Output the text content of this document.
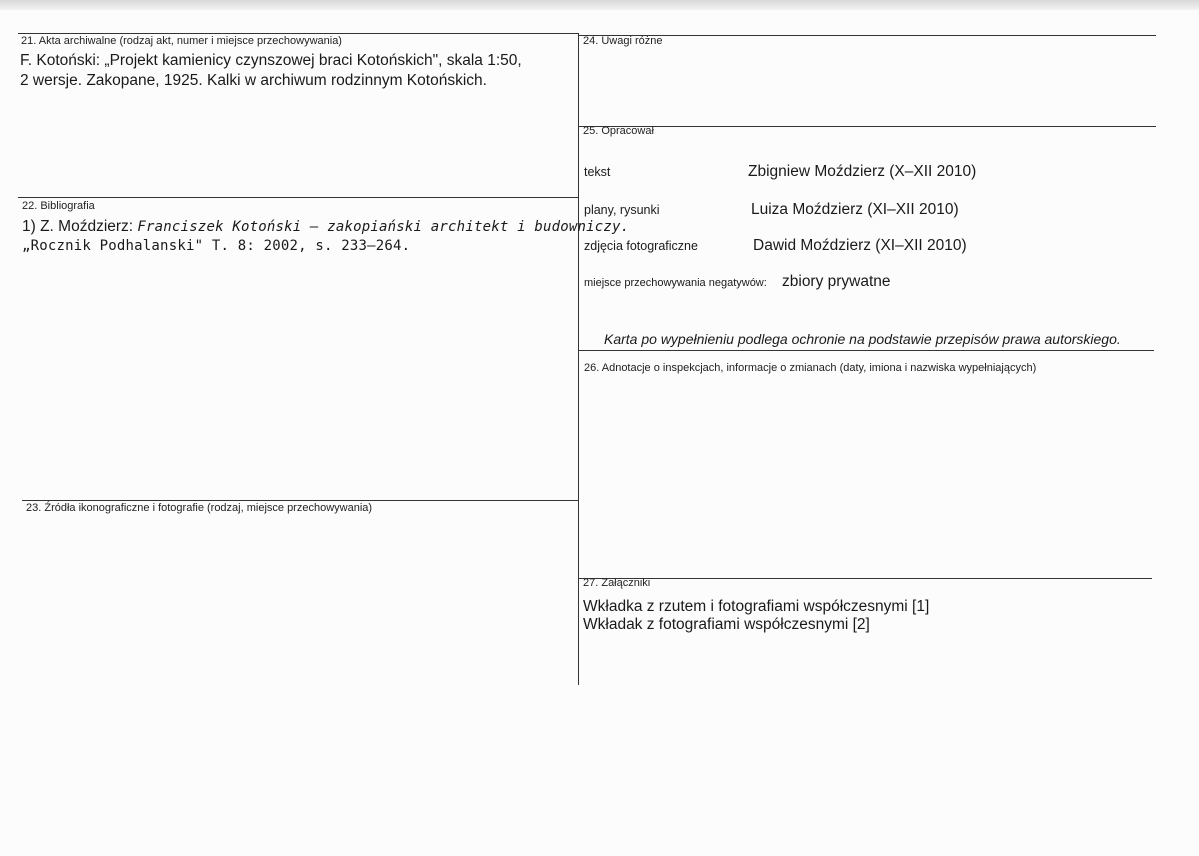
21. Akta archiwalne (rodzaj akt, numer i miejsce przechowywania)
F. Kotoński: „Projekt kamienicy czynszowej braci Kotońskich", skala 1:50,
2 wersje. Zakopane, 1925. Kalki w archiwum rodzinnym Kotońskich.
22. Bibliografia
1) Z. Moździerz: Franciszek Kotoński – zakopiański architekt i budowniczy.
„Rocznik Podhalanski" T. 8: 2002, s. 233–264.
23. Źródła ikonograficzne i fotografie (rodzaj, miejsce przechowywania)
24. Uwagi różne
25. Opracował
tekst	Zbigniew Moździerz (X–XII 2010)
plany, rysunki	Luiza Moździerz (XI–XII 2010)
zdjęcia fotograficzne	Dawid Moździerz (XI–XII 2010)
miejsce przechowywania negatywów: zbiory prywatne
Karta po wypełnieniu podlega ochronie na podstawie przepisów prawa autorskiego.
26. Adnotacje o inspekcjach, informacje o zmianach (daty, imiona i nazwiska wypełniających)
27. Załączniki
Wkładka z rzutem i fotografiami współczesnymi [1]
Wkładak z fotografiami współczesnymi [2]
